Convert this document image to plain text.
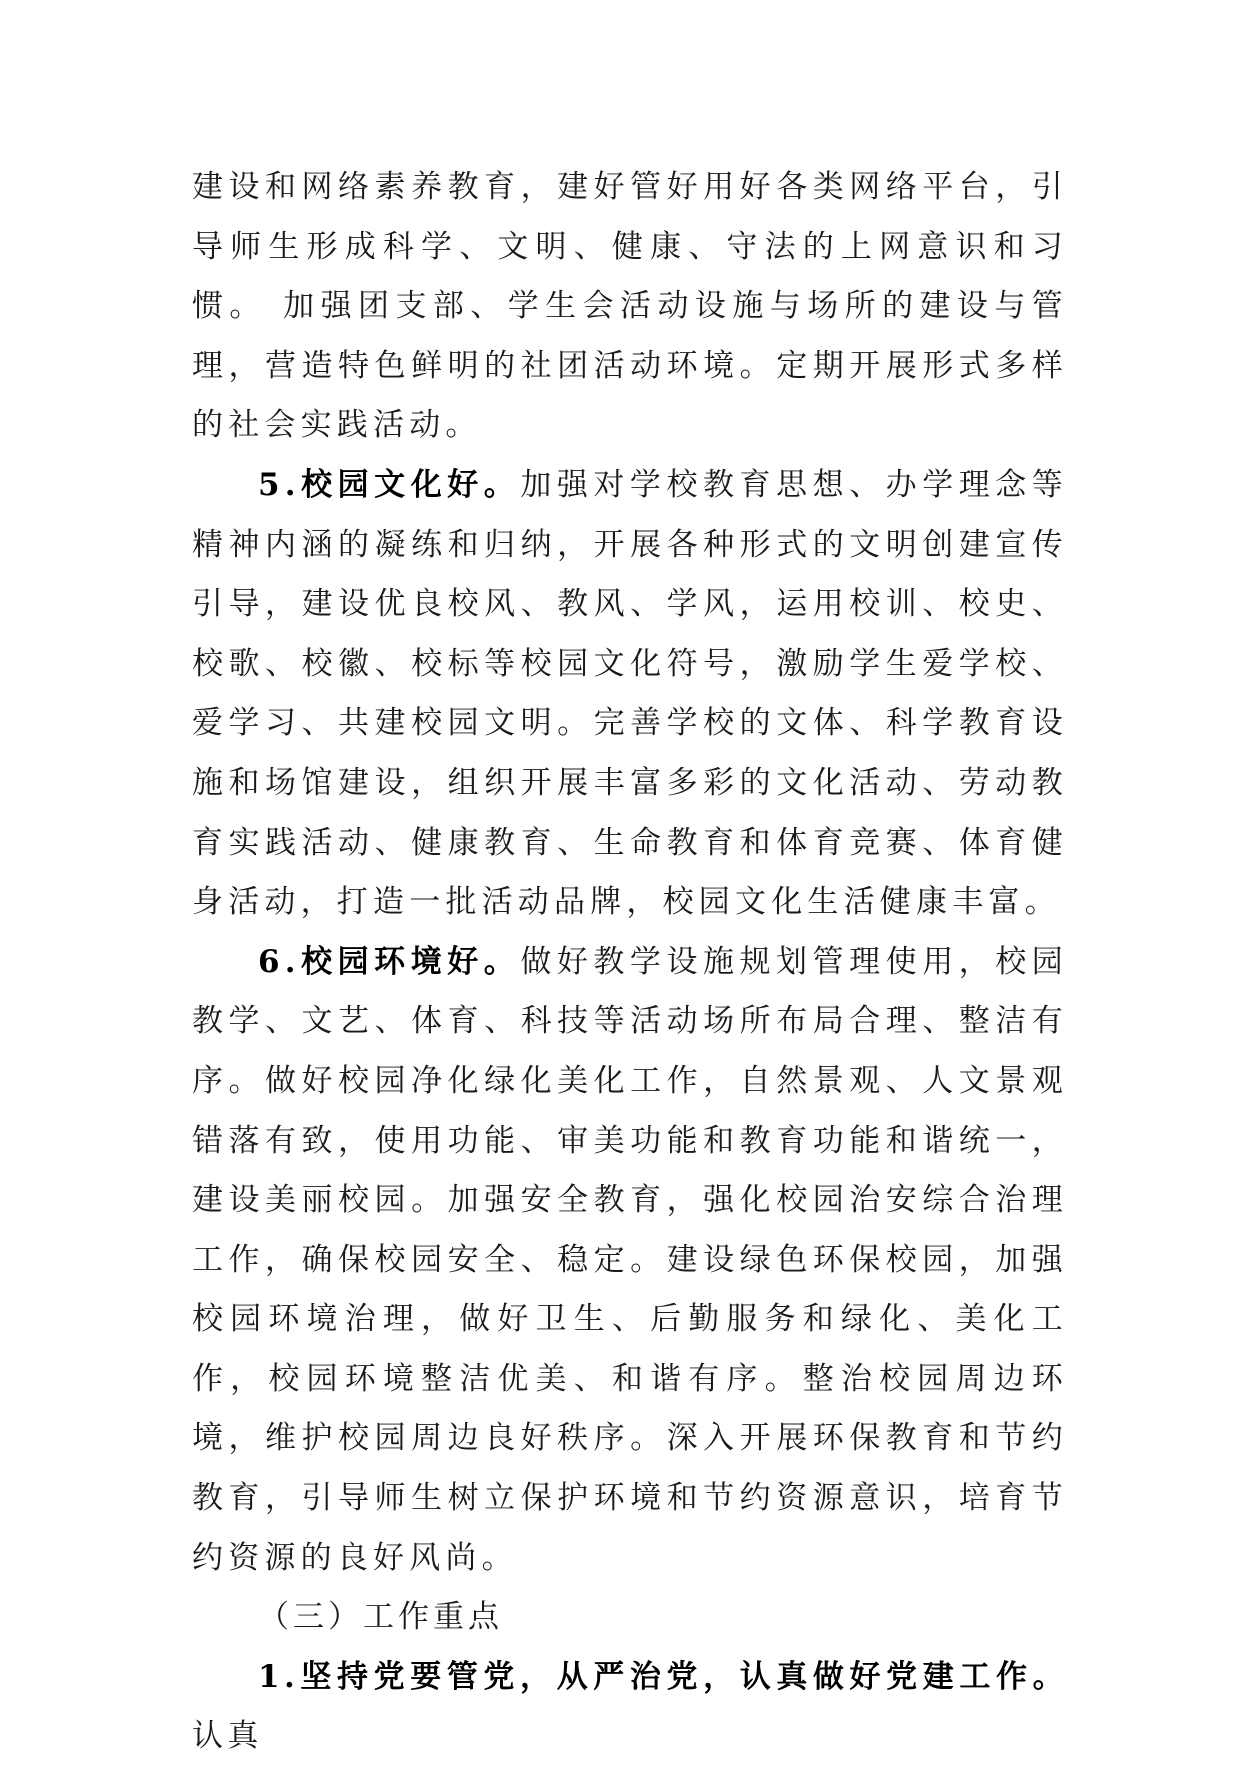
建设和网络素养教育，建好管好用好各类网络平台，引导师生形成科学、文明、健康、守法的上网意识和习惯。 加强团支部、学生会活动设施与场所的建设与管理，营造特色鲜明的社团活动环境。定期开展形式多样的社会实践活动。

5.校园文化好。加强对学校教育思想、办学理念等精神内涵的凝练和归纳，开展各种形式的文明创建宣传引导，建设优良校风、教风、学风，运用校训、校史、校歌、校徽、校标等校园文化符号，激励学生爱学校、爱学习、共建校园文明。完善学校的文体、科学教育设施和场馆建设，组织开展丰富多彩的文化活动、劳动教育实践活动、健康教育、生命教育和体育竞赛、体育健身活动，打造一批活动品牌，校园文化生活健康丰富。

6.校园环境好。做好教学设施规划管理使用，校园教学、文艺、体育、科技等活动场所布局合理、整洁有序。做好校园净化绿化美化工作，自然景观、人文景观错落有致，使用功能、审美功能和教育功能和谐统一，建设美丽校园。加强安全教育，强化校园治安综合治理工作，确保校园安全、稳定。建设绿色环保校园，加强校园环境治理，做好卫生、后勤服务和绿化、美化工作，校园环境整洁优美、和谐有序。整治校园周边环境，维护校园周边良好秩序。深入开展环保教育和节约教育，引导师生树立保护环境和节约资源意识，培育节约资源的良好风尚。

（三）工作重点

1.坚持党要管党，从严治党，认真做好党建工作。认真
